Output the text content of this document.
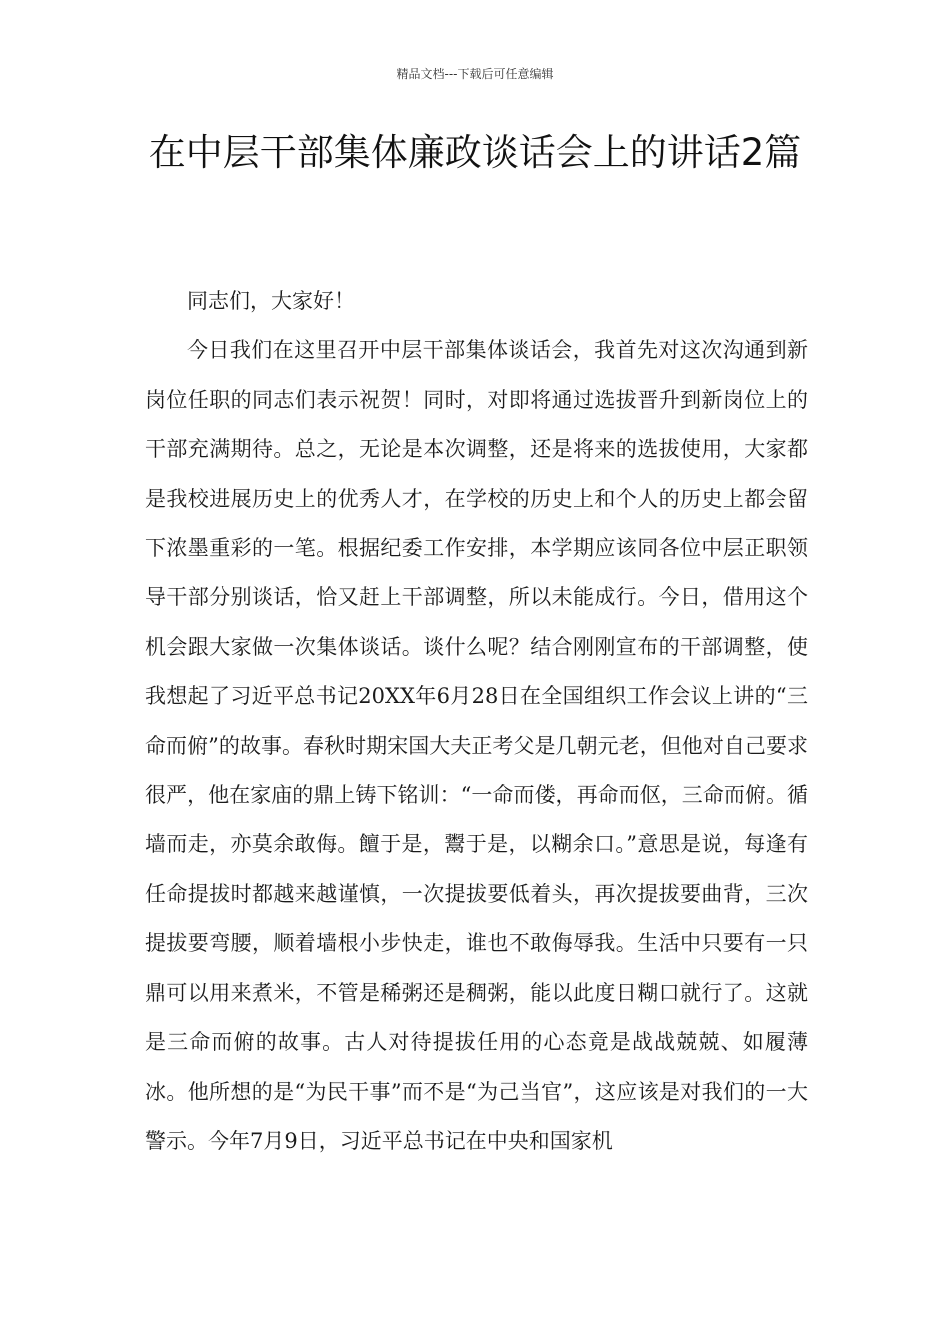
精品文档---下载后可任意编辑
在中层干部集体廉政谈话会上的讲话2篇

同志们，大家好！

今日我们在这里召开中层干部集体谈话会，我首先对这次沟通到新岗位任职的同志们表示祝贺！同时，对即将通过选拔晋升到新岗位上的干部充满期待。总之，无论是本次调整，还是将来的选拔使用，大家都是我校进展历史上的优秀人才，在学校的历史上和个人的历史上都会留下浓墨重彩的一笔。根据纪委工作安排，本学期应该同各位中层正职领导干部分别谈话，恰又赶上干部调整，所以未能成行。今日，借用这个机会跟大家做一次集体谈话。谈什么呢？结合刚刚宣布的干部调整，使我想起了习近平总书记20XX年6月28日在全国组织工作会议上讲的“三命而俯”的故事。春秋时期宋国大夫正考父是几朝元老，但他对自己要求很严，他在家庙的鼎上铸下铭训：“一命而偻，再命而伛，三命而俯。循墙而走，亦莫余敢侮。饘于是，鬻于是，以糊余口。”意思是说，每逢有任命提拔时都越来越谨慎，一次提拔要低着头，再次提拔要曲背，三次提拔要弯腰，顺着墙根小步快走，谁也不敢侮辱我。生活中只要有一只鼎可以用来煮米，不管是稀粥还是稠粥，能以此度日糊口就行了。这就是三命而俯的故事。古人对待提拔任用的心态竟是战战兢兢、如履薄冰。他所想的是“为民干事”而不是“为己当官”，这应该是对我们的一大警示。今年7月9日，习近平总书记在中央和国家机
